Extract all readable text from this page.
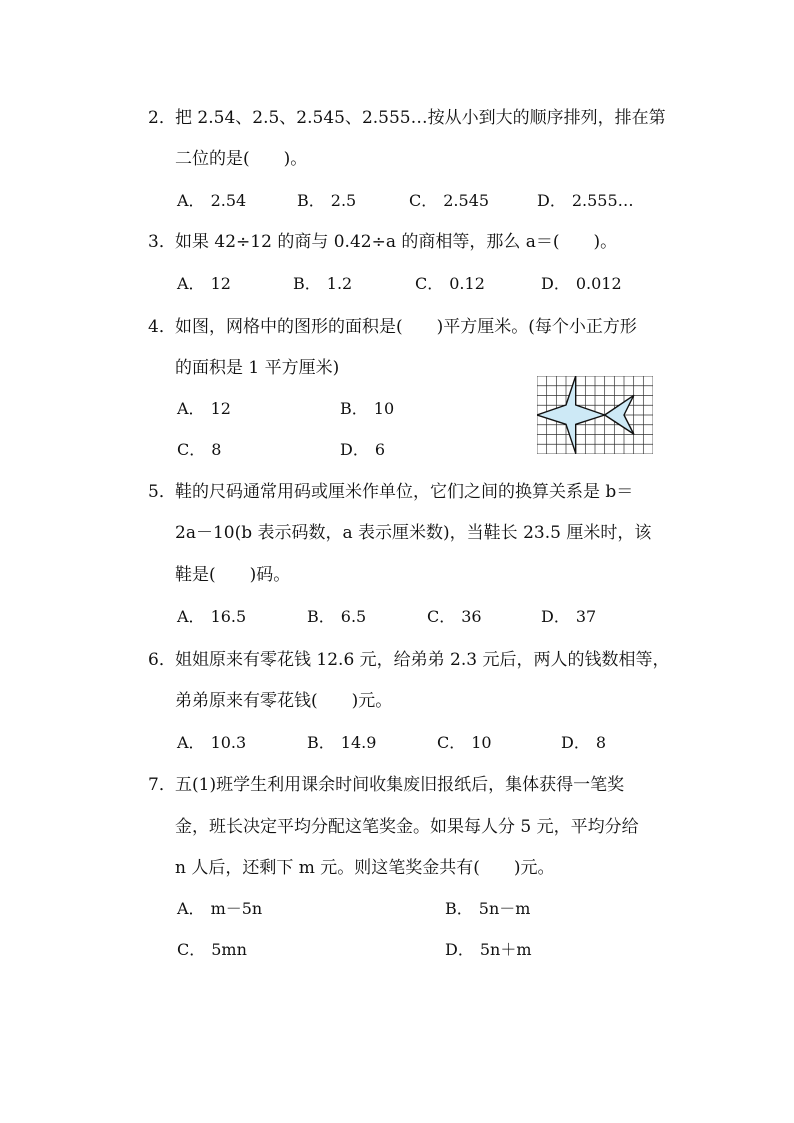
2． 把 2.54、2.5、2.545、2.555…按从小到大的顺序排列，排在第
二位的是(　　)。
A． 2.54	B． 2.5	C． 2.545	D． 2.555…
3． 如果 42÷12 的商与 0.42÷a 的商相等，那么 a＝(　　)。
A． 12	B． 1.2	C． 0.12	D． 0.012
4． 如图，网格中的图形的面积是(　　)平方厘米。(每个小正方形
的面积是 1 平方厘米)
A． 12	B． 10
C． 8	D． 6
5． 鞋的尺码通常用码或厘米作单位，它们之间的换算关系是 b＝
2a－10(b 表示码数，a 表示厘米数)，当鞋长 23.5 厘米时，该
鞋是(　　)码。
A． 16.5	B． 6.5	C． 36	D． 37
6． 姐姐原来有零花钱 12.6 元，给弟弟 2.3 元后，两人的钱数相等，
弟弟原来有零花钱(　　)元。
A． 10.3	B． 14.9	C． 10	D． 8
7． 五(1)班学生利用课余时间收集废旧报纸后，集体获得一笔奖
金，班长决定平均分配这笔奖金。如果每人分 5 元，平均分给
n 人后，还剩下 m 元。则这笔奖金共有(　　)元。
A． m－5n	B． 5n－m
C． 5mn	D． 5n＋m
